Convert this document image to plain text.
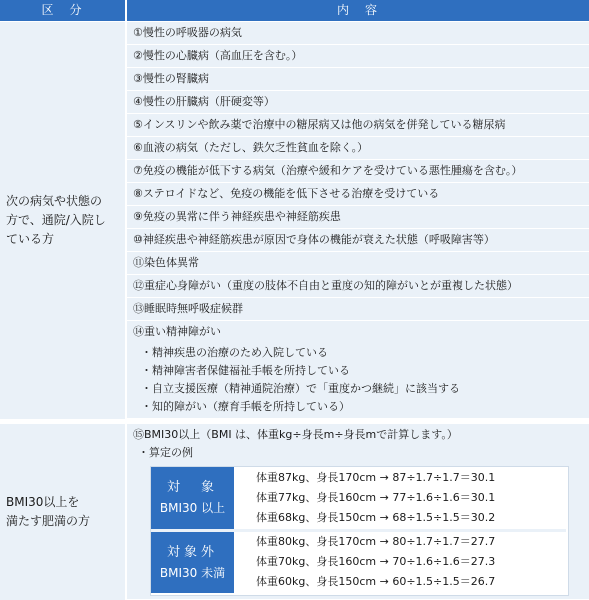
区　分	内　容
次の病気や状態の
方で、通院/入院し
ている方
①慢性の呼吸器の病気
②慢性の心臓病（高血圧を含む。）
③慢性の腎臓病
④慢性の肝臓病（肝硬変等）
⑤インスリンや飲み薬で治療中の糖尿病又は他の病気を併発している糖尿病
⑥血液の病気（ただし、鉄欠乏性貧血を除く。）
⑦免疫の機能が低下する病気（治療や緩和ケアを受けている悪性腫瘍を含む。）
⑧ステロイドなど、免疫の機能を低下させる治療を受けている
⑨免疫の異常に伴う神経疾患や神経筋疾患
⑩神経疾患や神経筋疾患が原因で身体の機能が衰えた状態（呼吸障害等）
⑪染色体異常
⑫重症心身障がい（重度の肢体不自由と重度の知的障がいとが重複した状態）
⑬睡眠時無呼吸症候群
⑭重い精神障がい
・精神疾患の治療のため入院している
・精神障害者保健福祉手帳を所持している
・自立支援医療（精神通院治療）で「重度かつ継続」に該当する
・知的障がい（療育手帳を所持している）
BMI30以上を
満たす肥満の方
⑮BMI30以上（BMI は、体重kg÷身長m÷身長mで計算します。）
・算定の例
対　象
BMI30 以上
体重87kg、身長170cm → 87÷1.7÷1.7＝30.1
体重77kg、身長160cm → 77÷1.6÷1.6＝30.1
体重68kg、身長150cm → 68÷1.5÷1.5＝30.2
対象外
BMI30 未満
体重80kg、身長170cm → 80÷1.7÷1.7＝27.7
体重70kg、身長160cm → 70÷1.6÷1.6＝27.3
体重60kg、身長150cm → 60÷1.5÷1.5＝26.7
